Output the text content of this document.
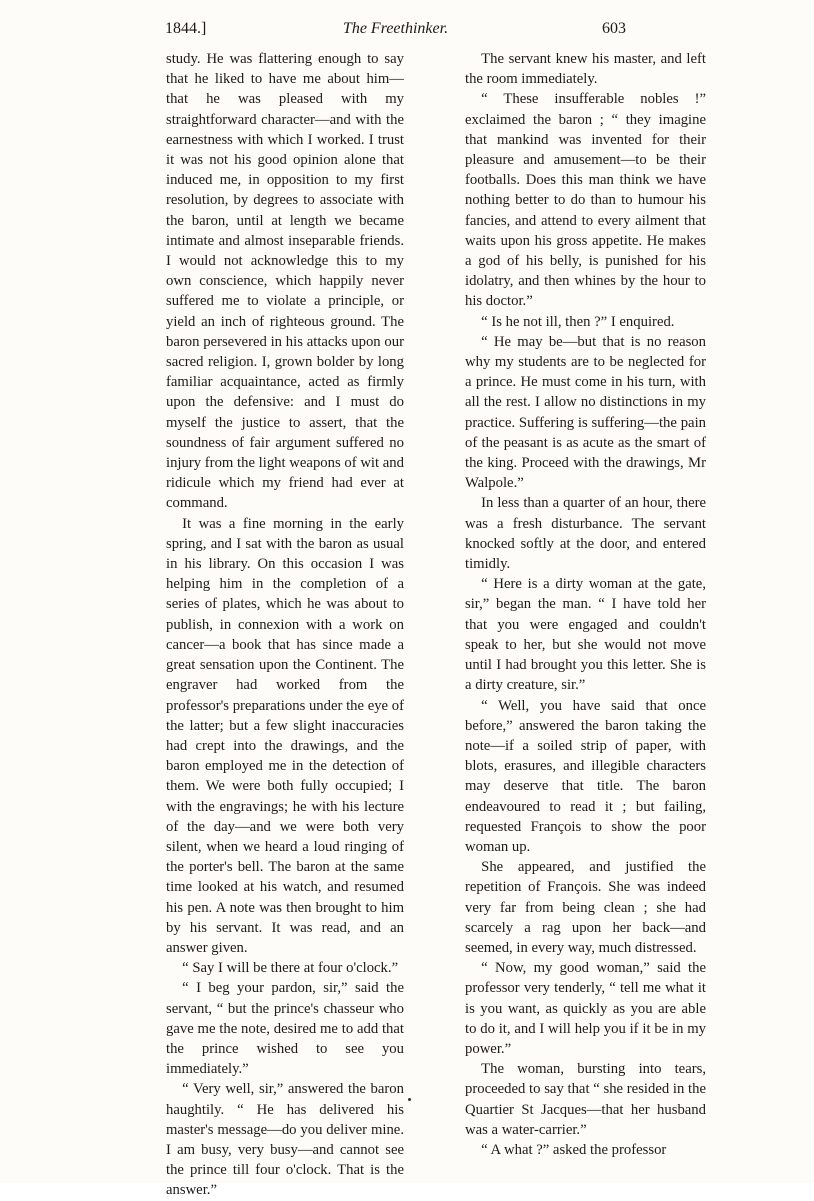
1844.]	The Freethinker.	603

study. He was flattering enough to say that he liked to have me about him—that he was pleased with my straightforward character—and with the earnestness with which I worked. I trust it was not his good opinion alone that induced me, in opposition to my first resolution, by degrees to associate with the baron, until at length we became intimate and almost inseparable friends. I would not acknowledge this to my own conscience, which happily never suffered me to violate a principle, or yield an inch of righteous ground. The baron persevered in his attacks upon our sacred religion. I, grown bolder by long familiar acquaintance, acted as firmly upon the defensive: and I must do myself the justice to assert, that the soundness of fair argument suffered no injury from the light weapons of wit and ridicule which my friend had ever at command.

It was a fine morning in the early spring, and I sat with the baron as usual in his library. On this occasion I was helping him in the completion of a series of plates, which he was about to publish, in connexion with a work on cancer—a book that has since made a great sensation upon the Continent. The engraver had worked from the professor's preparations under the eye of the latter; but a few slight inaccuracies had crept into the drawings, and the baron employed me in the detection of them. We were both fully occupied; I with the engravings; he with his lecture of the day—and we were both very silent, when we heard a loud ringing of the porter's bell. The baron at the same time looked at his watch, and resumed his pen. A note was then brought to him by his servant. It was read, and an answer given.

“ Say I will be there at four o'clock.”

“ I beg your pardon, sir,” said the servant, “ but the prince's chasseur who gave me the note, desired me to add that the prince wished to see you immediately.”

“ Very well, sir,” answered the baron haughtily. “ He has delivered his master's message—do you deliver mine. I am busy, very busy—and cannot see the prince till four o'clock. That is the answer.”

The servant knew his master, and left the room immediately.

“ These insufferable nobles !” exclaimed the baron ; “ they imagine that mankind was invented for their pleasure and amusement—to be their footballs. Does this man think we have nothing better to do than to humour his fancies, and attend to every ailment that waits upon his gross appetite. He makes a god of his belly, is punished for his idolatry, and then whines by the hour to his doctor.”

“ Is he not ill, then ?” I enquired.

“ He may be—but that is no reason why my students are to be neglected for a prince. He must come in his turn, with all the rest. I allow no distinctions in my practice. Suffering is suffering—the pain of the peasant is as acute as the smart of the king. Proceed with the drawings, Mr Walpole.”

In less than a quarter of an hour, there was a fresh disturbance. The servant knocked softly at the door, and entered timidly.

“ Here is a dirty woman at the gate, sir,” began the man. “ I have told her that you were engaged and couldn't speak to her, but she would not move until I had brought you this letter. She is a dirty creature, sir.”

“ Well, you have said that once before,” answered the baron taking the note—if a soiled strip of paper, with blots, erasures, and illegible characters may deserve that title. The baron endeavoured to read it ; but failing, requested François to show the poor woman up.

She appeared, and justified the repetition of François. She was indeed very far from being clean ; she had scarcely a rag upon her back—and seemed, in every way, much distressed.

“ Now, my good woman,” said the professor very tenderly, “ tell me what it is you want, as quickly as you are able to do it, and I will help you if it be in my power.”

The woman, bursting into tears, proceeded to say that “ she resided in the Quartier St Jacques—that her husband was a water-carrier.”

“ A what ?” asked the professor
